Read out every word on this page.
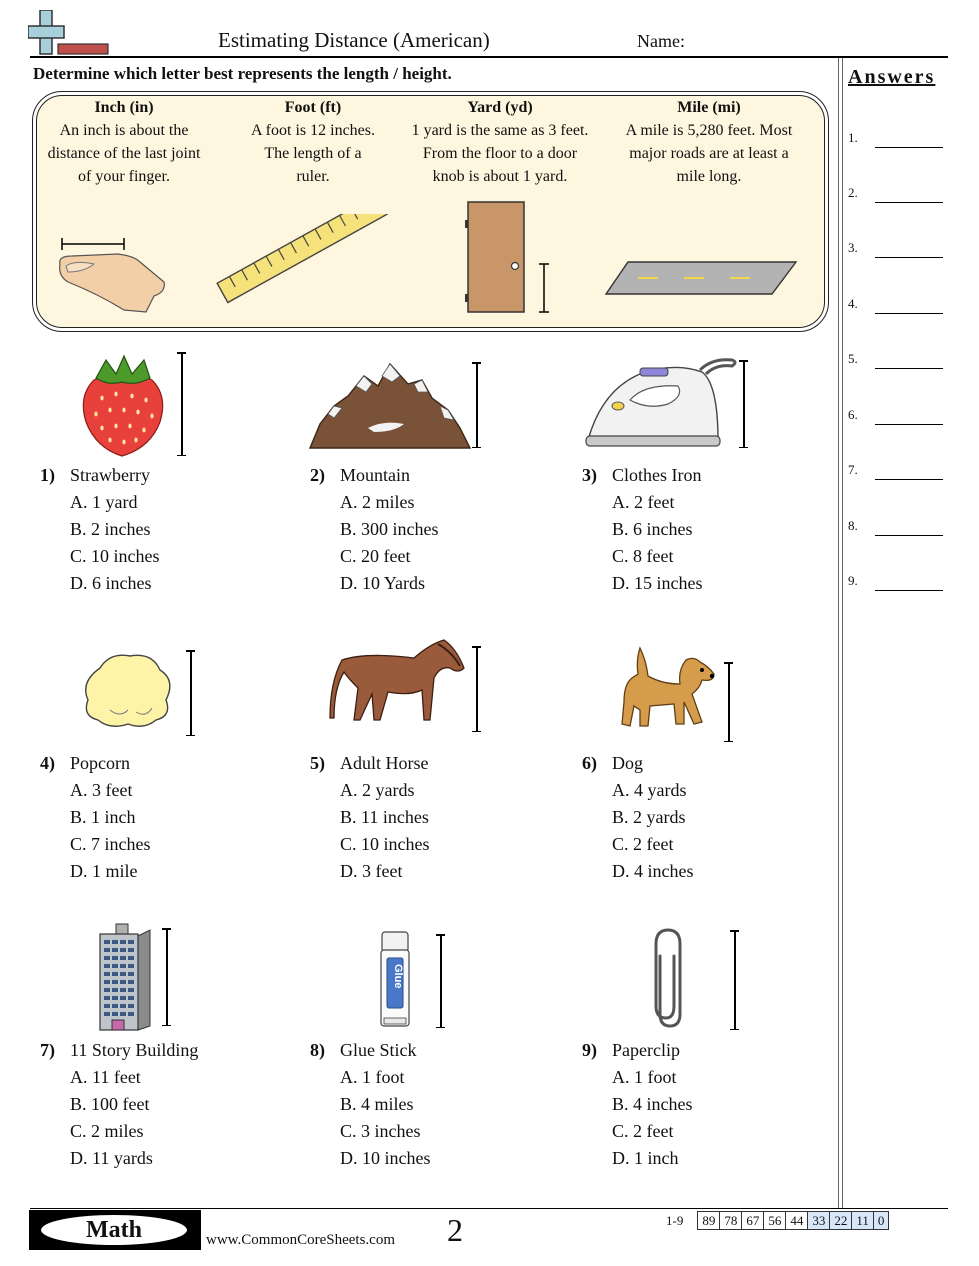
Estimating Distance (American)	Name:
Determine which letter best represents the length / height.	Answers
1.
2.
3.
4.
5.
6.
7.
8.
9.
Inch (in)
An inch is about the
distance of the last joint
of your finger.
Foot (ft)
A foot is 12 inches.
The length of a
ruler.
Yard (yd)
1 yard is the same as 3 feet.
From the floor to a door
knob is about 1 yard.
Mile (mi)
A mile is 5,280 feet. Most
major roads are at least a
mile long.
Glue
1) Strawberry
A. 1 yard
B. 2 inches
C. 10 inches
D. 6 inches
2) Mountain
A. 2 miles
B. 300 inches
C. 20 feet
D. 10 Yards
3) Clothes Iron
A. 2 feet
B. 6 inches
C. 8 feet
D. 15 inches
4) Popcorn
A. 3 feet
B. 1 inch
C. 7 inches
D. 1 mile
5) Adult Horse
A. 2 yards
B. 11 inches
C. 10 inches
D. 3 feet
6) Dog
A. 4 yards
B. 2 yards
C. 2 feet
D. 4 inches
7) 11 Story Building
A. 11 feet
B. 100 feet
C. 2 miles
D. 11 yards
8) Glue Stick
A. 1 foot
B. 4 miles
C. 3 inches
D. 10 inches
9) Paperclip
A. 1 foot
B. 4 inches
C. 2 feet
D. 1 inch
Math	www.CommonCoreSheets.com 2	1-9	89	78	67	56	44	33	22	11	0
